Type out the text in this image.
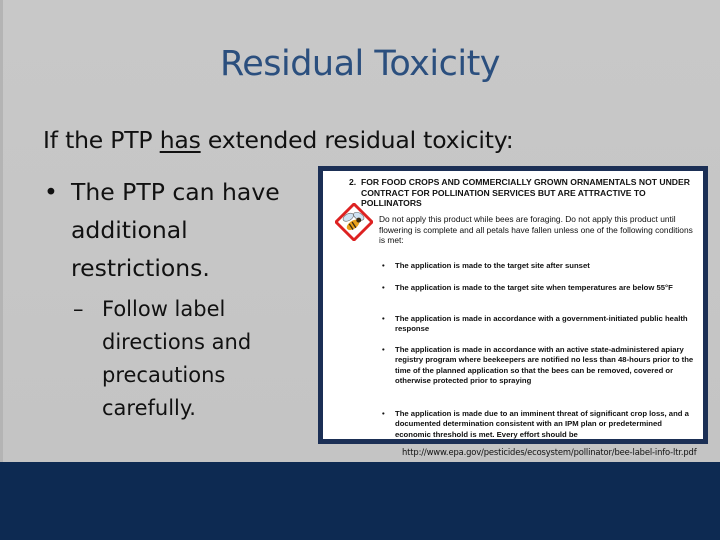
Residual Toxicity
If the PTP has extended residual toxicity:
• The PTP can have additional restrictions.
– Follow label directions and precautions carefully.
2. FOR FOOD CROPS AND COMMERCIALLY GROWN ORNAMENTALS NOT UNDER CONTRACT FOR POLLINATION SERVICES BUT ARE ATTRACTIVE TO POLLINATORS
Do not apply this product while bees are foraging. Do not apply this product until flowering is complete and all petals have fallen unless one of the following conditions is met:
• The application is made to the target site after sunset
• The application is made to the target site when temperatures are below 55°F
• The application is made in accordance with a government-initiated public health response
• The application is made in accordance with an active state-administered apiary registry program where beekeepers are notified no less than 48-hours prior to the time of the planned application so that the bees can be removed, covered or otherwise protected prior to spraying
• The application is made due to an imminent threat of significant crop loss, and a documented determination consistent with an IPM plan or predetermined economic threshold is met. Every effort should be
http://www.epa.gov/pesticides/ecosystem/pollinator/bee-label-info-ltr.pdf
